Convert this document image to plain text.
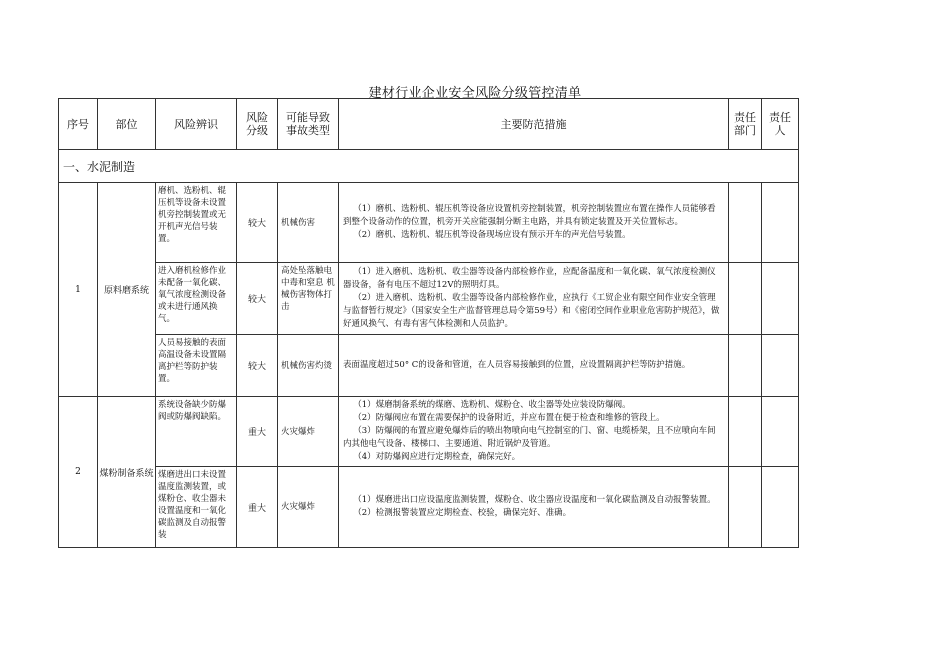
建材行业企业安全风险分级管控清单
序号	部位	风险辨识	风险分级	可能导致事故类型	主要防范措施	责任部门	责任人
一、水泥制造							
1	原料磨系统	磨机、选粉机、辊压机等设备未设置机旁控制装置或无开机声光信号装置。	较大	机械伤害	（1）磨机、选粉机、辊压机等设备应设置机旁控制装置，机旁控制装置应布置在操作人员能够看到整个设备动作的位置，机旁开关应能强制分断主电路，并具有锁定装置及开关位置标志。
（2）磨机、选粉机、辊压机等设备现场应设有预示开车的声光信号装置。		

		进入磨机检修作业未配备一氧化碳、氧气浓度检测设备或未进行通风换气。	较大	高处坠落触电 中毒和窒息 机械伤害物体打击	（1）进入磨机、选粉机、收尘器等设备内部检修作业，应配备温度和一氧化碳、氧气浓度检测仪器设备，备有电压不超过12V的照明灯具。
（2）进入磨机、选粉机、收尘器等设备内部检修作业，应执行《工贸企业有限空间作业安全管理与监督暂行规定》（国家安全生产监督管理总局令第59号）和《密闭空间作业职业危害防护规范》，做好通风换气、有毒有害气体检测和人员监护。		

		人员易接触的表面高温设备未设置隔离护栏等防护装置。	较大	机械伤害灼烫	表面温度超过50° C的设备和管道，在人员容易接触到的位置，应设置隔离护栏等防护措施。		

2	煤粉制备系统	系统设备缺少防爆阀或防爆阀缺陷。	重大	火灾爆炸	（1）煤磨制备系统的煤磨、选粉机、煤粉仓、收尘器等处应装设防爆阀。
（2）防爆阀应布置在需要保护的设备附近，并应布置在便于检查和维修的管段上。
（3）防爆阀的布置应避免爆炸后的喷出物喷向电气控制室的门、窗、电缆桥架，且不应喷向车间内其他电气设备、楼梯口、主要通道、附近锅炉及管道。
（4）对防爆阀应进行定期检查，确保完好。		

		煤磨进出口未设置温度监测装置，或煤粉仓、收尘器未设置温度和一氧化碳监测及自动报警装	重大	火灾爆炸	（1）煤磨进出口应设温度监测装置，煤粉仓、收尘器应设温度和一氧化碳监测及自动报警装置。
（2）检测报警装置应定期检查、校验，确保完好、准确。		
